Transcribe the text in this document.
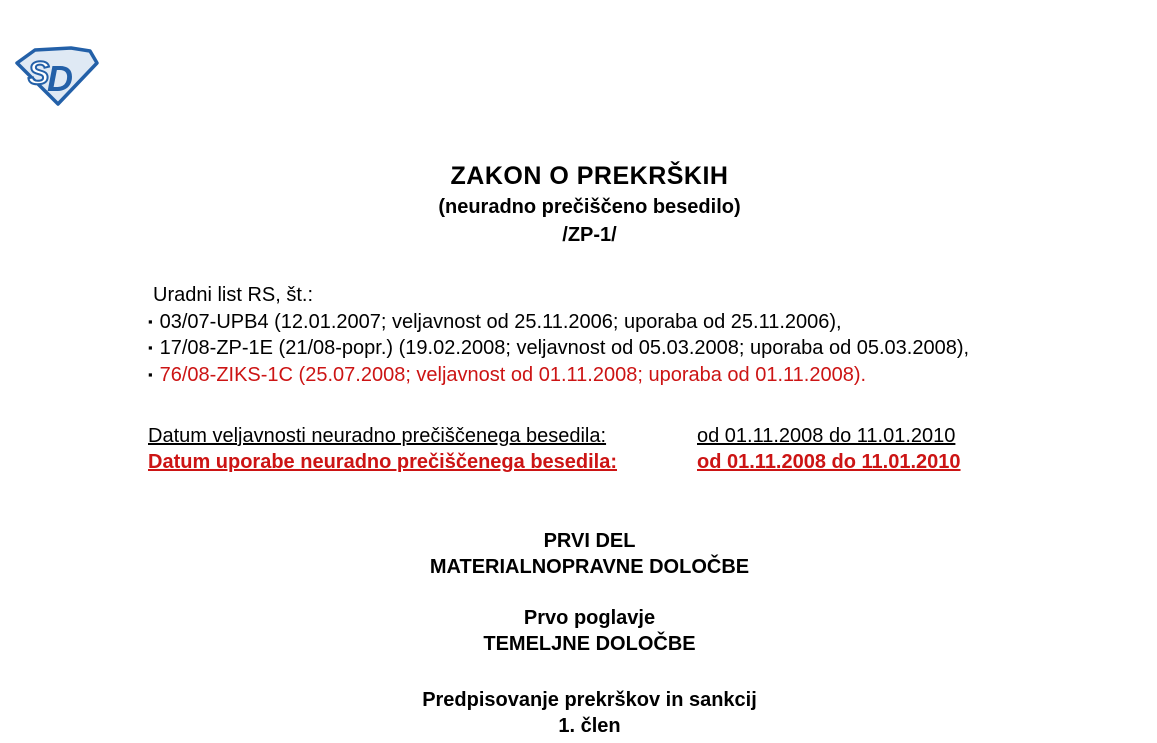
S
D
ZAKON O PREKRŠKIH
(neuradno prečiščeno besedilo)
/ZP-1/

Uradni list RS, št.:

▪ 03/07-UPB4 (12.01.2007; veljavnost od 25.11.2006; uporaba od 25.11.2006),

▪ 17/08-ZP-1E (21/08-popr.) (19.02.2008; veljavnost od 05.03.2008; uporaba od 05.03.2008),

▪ 76/08-ZIKS-1C (25.07.2008; veljavnost od 01.11.2008; uporaba od 01.11.2008).

Datum veljavnosti neuradno prečiščenega besedila:	od 01.11.2008 do 11.01.2010

Datum uporabe neuradno prečiščenega besedila:	od 01.11.2008 do 11.01.2010

PRVI DEL

MATERIALNOPRAVNE DOLOČBE

Prvo poglavje

TEMELJNE DOLOČBE

Predpisovanje prekrškov in sankcij

1. člen
